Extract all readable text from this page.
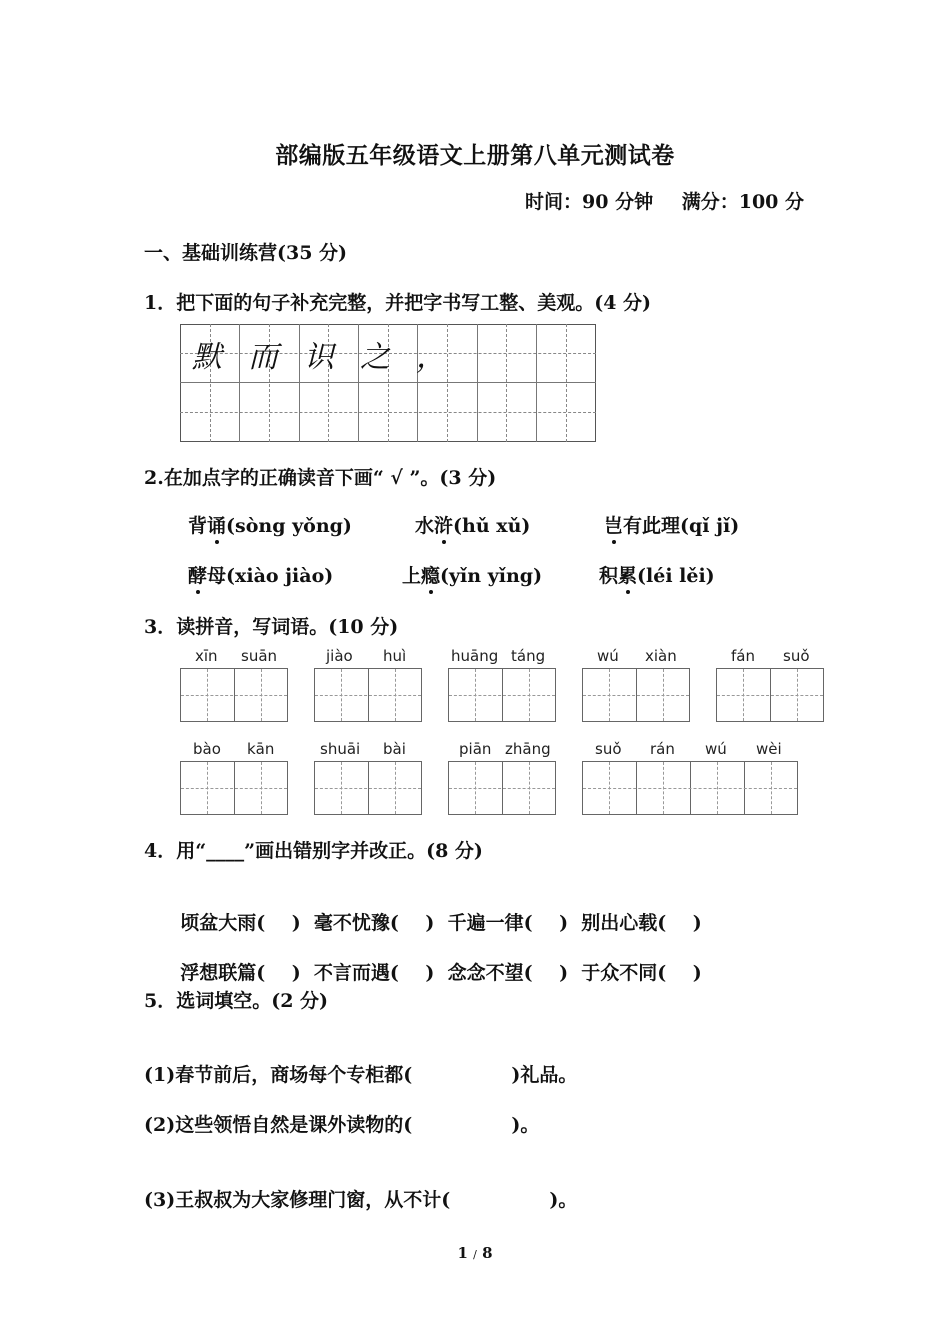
部编版五年级语文上册第八单元测试卷
时间：90 分钟 满分：100 分
一、基础训练营(35 分)
1．把下面的句子补充完整，并把字书写工整、美观。(4 分)
默而识之，
2.在加点字的正确读音下画“ √ ”。(3 分)
背诵(sòng yǒng)	水浒(hǔ xǔ)	岂有此理(qǐ jǐ)
酵母(xiào jiào)	上瘾(yǐn yǐng)	积累(léi lěi)
3．读拼音，写词语。(10 分)
xīn suān	jiào huì	huāng táng	wú xiàn	fán suǒ
bào kān	shuāi bài	piān zhāng	suǒ rán wú wèi
4．用“____”画出错别字并改正。(8 分)

顷盆大雨(    ) 毫不忧豫(    ) 千遍一律(    ) 别出心载(    )

浮想联篇(    ) 不言而遇(    ) 念念不望(    ) 于众不同(    )

5．选词填空。(2 分)
(1)春节前后，商场每个专柜都(               )礼品。
(2)这些领悟自然是课外读物的(               )。
(3)王叔叔为大家修理门窗，从不计(               )。
1 / 8
